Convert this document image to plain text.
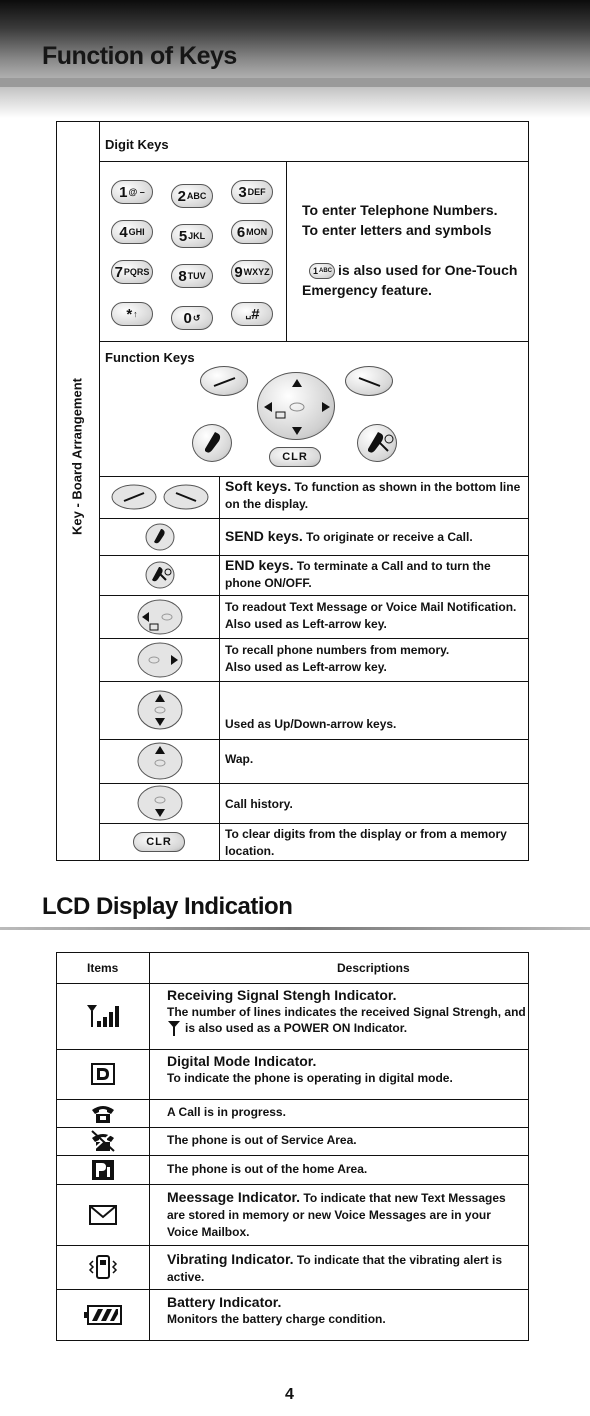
Function of Keys
Key - Board Arrangement
Digit Keys
1 @ – 2 ABC 3 DEF
4 GHI 5 JKL 6 MON
7 PQRS 8 TUV 9 WXYZ
* ↑	0 ↺	␣ #
To enter Telephone Numbers.
To enter letters and symbols
1 ABC is also used for One-Touch
Emergency feature.
Function Keys
CLR
CLR
Soft keys. To function as shown in the bottom line on the display.
SEND keys. To originate or receive a Call.
END keys. To terminate a Call and to turn the phone ON/OFF.
To readout Text Message or Voice Mail Notification. Also used as Left-arrow key.
To recall phone numbers from memory. Also used as Left-arrow key.
Used as Up/Down-arrow keys.
Wap.
Call history.
To clear digits from the display or from a memory location.
LCD Display Indication
Items	Descriptions
Receiving Signal Stengh Indicator.
The number of lines indicates the received Signal Strengh, and
is also used as a POWER ON Indicator.
Digital Mode Indicator.
To indicate the phone is operating in digital mode.
A Call is in progress.
The phone is out of Service Area.
The phone is out of the home Area.
Meessage Indicator. To indicate that new Text Messages are stored in memory or new Voice Messages are in your Voice Mailbox.
Vibrating Indicator. To indicate that the vibrating alert is active.
Battery Indicator.
Monitors the battery charge condition.
4
